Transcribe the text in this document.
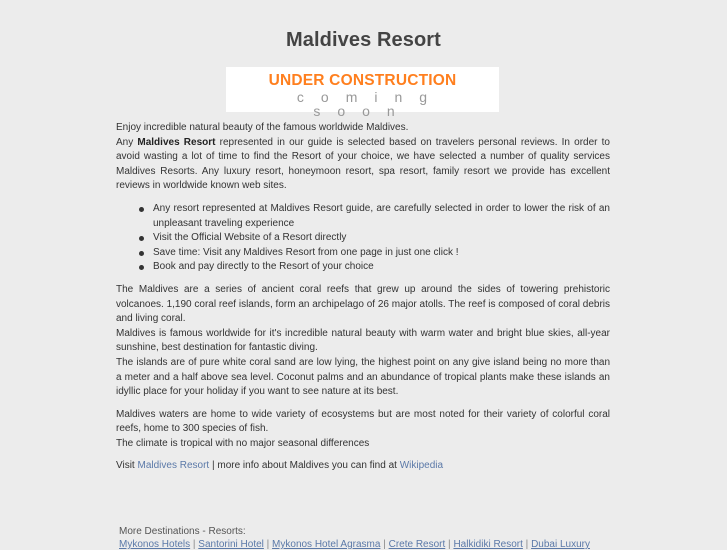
Maldives Resort
UNDER CONSTRUCTION
coming soon

Enjoy incredible natural beauty of the famous worldwide Maldives.

Any Maldives Resort represented in our guide is selected based on travelers personal reviews. In order to avoid wasting a lot of time to find the Resort of your choice, we have selected a number of quality services Maldives Resorts. Any luxury resort, honeymoon resort, spa resort, family resort we provide has excellent reviews in worldwide known web sites.

Any resort represented at Maldives Resort guide, are carefully selected in order to lower the risk of an unpleasant traveling experience
Visit the Official Website of a Resort directly
Save time: Visit any Maldives Resort from one page in just one click !
Book and pay directly to the Resort of your choice

The Maldives are a series of ancient coral reefs that grew up around the sides of towering prehistoric volcanoes. 1,190 coral reef islands, form an archipelago of 26 major atolls. The reef is composed of coral debris and living coral.

Maldives is famous worldwide for it's incredible natural beauty with warm water and bright blue skies, all-year sunshine, best destination for fantastic diving.

The islands are of pure white coral sand are low lying, the highest point on any give island being no more than a meter and a half above sea level. Coconut palms and an abundance of tropical plants make these islands an idyllic place for your holiday if you want to see nature at its best.

Maldives waters are home to wide variety of ecosystems but are most noted for their variety of colorful coral reefs, home to 300 species of fish.

The climate is tropical with no major seasonal differences

Visit Maldives Resort | more info about Maldives you can find at Wikipedia

More Destinations - Resorts:
Mykonos Hotels | Santorini Hotel | Mykonos Hotel Agrasma | Crete Resort | Halkidiki Resort | Dubai Luxury
